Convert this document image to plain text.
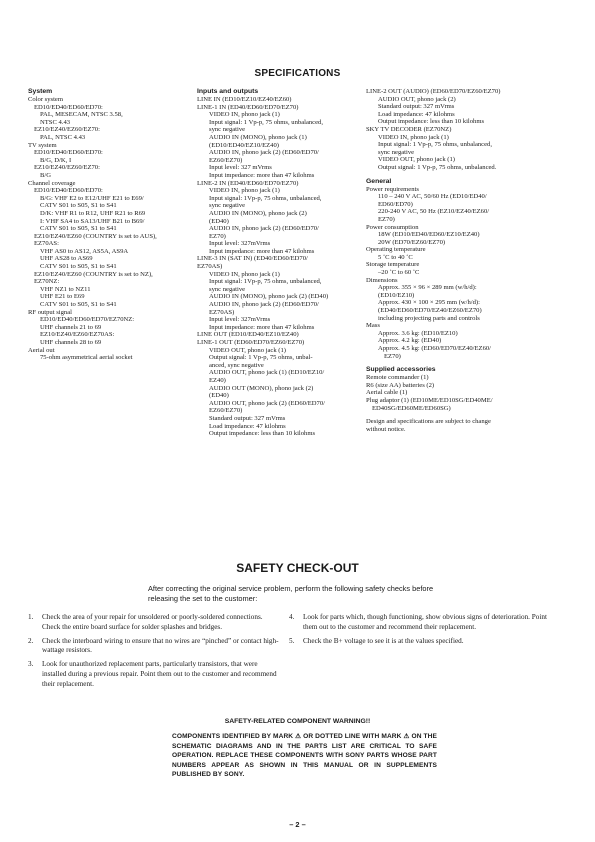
SPECIFICATIONS
System
Color system
ED10/ED40/ED60/ED70:
PAL, MESECAM, NTSC 3.58,
NTSC 4.43
EZ10/EZ40/EZ60/EZ70:
PAL, NTSC 4.43
TV system
ED10/ED40/ED60/ED70:
B/G, D/K, I
EZ10/EZ40/EZ60/EZ70:
B/G
Channel coverage
ED10/ED40/ED60/ED70:
B/G: VHF E2 to E12/UHF E21 to E69/
CATV S01 to S05, S1 to S41
D/K: VHF R1 to R12, UHF R21 to R69
I: VHF SA4 to SA13/UHF B21 to B69/
CATV S01 to S05, S1 to S41
EZ10/EZ40/EZ60 (COUNTRY is set to AUS),
EZ70AS:
VHF AS0 to AS12, AS5A, AS9A
UHF AS28 to AS69
CATV S01 to S05, S1 to S41
EZ10/EZ40/EZ60 (COUNTRY is set to NZ),
EZ70NZ:
VHF NZ1 to NZ11
UHF E21 to E69
CATV S01 to S05, S1 to S41
RF output signal
ED10/ED40/ED60/ED70/EZ70NZ:
UHF channels 21 to 69
EZ10/EZ40/EZ60/EZ70AS:
UHF channels 28 to 69
Aerial out
75-ohm asymmetrical aerial socket
Inputs and outputs
LINE IN (ED10/EZ10/EZ40/EZ60)
LINE-1 IN (ED40/ED60/ED70/EZ70)
VIDEO IN, phono jack (1)
Input signal: 1 Vp-p, 75 ohms, unbalanced,
sync negative
AUDIO IN (MONO), phono jack (1)
(ED10/ED40/EZ10/EZ40)
AUDIO IN, phono jack (2) (ED60/ED70/
EZ60/EZ70)
Input level: 327 mVrms
Input impedance: more than 47 kilohms
LINE-2 IN (ED40/ED60/ED70/EZ70)
VIDEO IN, phono jack (1)
Input signal: 1Vp-p, 75 ohms, unbalanced,
sync negative
AUDIO IN (MONO), phono jack (2)
(ED40)
AUDIO IN, phono jack (2) (ED60/ED70/
EZ70)
Input level: 327mVrms
Input impedance: more than 47 kilohms
LINE-3 IN (SAT IN) (ED40/ED60/ED70/
EZ70AS)
VIDEO IN, phono jack (1)
Input signal: 1Vp-p, 75 ohms, unbalanced,
sync negative
AUDIO IN (MONO), phono jack (2) (ED40)
AUDIO IN, phono jack (2) (ED60/ED70/
EZ70AS)
Input level: 327mVrms
Input impedance: more than 47 kilohms
LINE OUT (ED10/ED40/EZ10/EZ40)
LINE-1 OUT (ED60/ED70/EZ60/EZ70)
VIDEO OUT, phono jack (1)
Output signal: 1 Vp-p, 75 ohms, unbal-
anced, sync negative
AUDIO OUT, phono jack (1) (ED10/EZ10/
EZ40)
AUDIO OUT (MONO), phono jack (2)
(ED40)
AUDIO OUT, phono jack (2) (ED60/ED70/
EZ60/EZ70)
Standard output: 327 mVrms
Load impedance: 47 kilohms
Output impedance: less than 10 kilohms
LINE-2 OUT (AUDIO) (ED60/ED70/EZ60/EZ70)
AUDIO OUT, phono jack (2)
Standard output: 327 mVrms
Load impedance: 47 kilohms
Output impedance: less than 10 kilohms
SKY TV DECODER (EZ70NZ)
VIDEO IN, phono jack (1)
Input signal: 1 Vp-p, 75 ohms, unbalanced,
sync negative
VIDEO OUT, phono jack (1)
Output signal: 1 Vp-p, 75 ohms, unbalanced.
General
Power requirements
110 – 240 V AC, 50/60 Hz (ED10/ED40/
ED60/ED70)
220-240 V AC, 50 Hz (EZ10/EZ40/EZ60/
EZ70)
Power consumption
18W (ED10/ED40/ED60/EZ10/EZ40)
20W (ED70/EZ60/EZ70)
Operating temperature
5 ˚C to 40 ˚C
Storage temperature
–20 ˚C to 60 ˚C
Dimensions
Approx. 355 × 96 × 289 mm (w/h/d):
(ED10/EZ10)
Approx. 430 × 100 × 295 mm (w/h/d):
(ED40/ED60/ED70/EZ40/EZ60/EZ70)
including projecting parts and controls
Mass
Approx. 3.6 kg: (ED10/EZ10)
Approx. 4.2 kg: (ED40)
Approx. 4.5 kg: (ED60/ED70/EZ40/EZ60/
EZ70)
Supplied accessories
Remote commander (1)
R6 (size AA) batteries (2)
Aerial cable (1)
Plug adaptor (1) (ED10ME/ED10SG/ED40ME/
ED40SG/ED60ME/ED60SG)
Design and specifications are subject to change
without notice.
SAFETY CHECK-OUT
After correcting the original service problem, perform the following safety checks before releasing the set to the customer:
1.	Check the area of your repair for unsoldered or poorly-soldered connections. Check the entire board surface for solder splashes and bridges.
2.	Check the interboard wiring to ensure that no wires are “pinched” or contact high-wattage resistors.
3.	Look for unauthorized replacement parts, particularly transistors, that were installed during a previous repair. Point them out to the customer and recommend their replacement.
4.	Look for parts which, though functioning, show obvious signs of deterioration. Point them out to the customer and recommend their replacement.
5.	Check the B+ voltage to see it is at the values specified.
SAFETY-RELATED COMPONENT WARNING!!
COMPONENTS IDENTIFIED BY MARK ⚠ OR DOTTED LINE WITH MARK ⚠ ON THE SCHEMATIC DIAGRAMS AND IN THE PARTS LIST ARE CRITICAL TO SAFE OPERATION. REPLACE THESE COMPONENTS WITH SONY PARTS WHOSE PART NUMBERS APPEAR AS SHOWN IN THIS MANUAL OR IN SUPPLEMENTS PUBLISHED BY SONY.
– 2 –
